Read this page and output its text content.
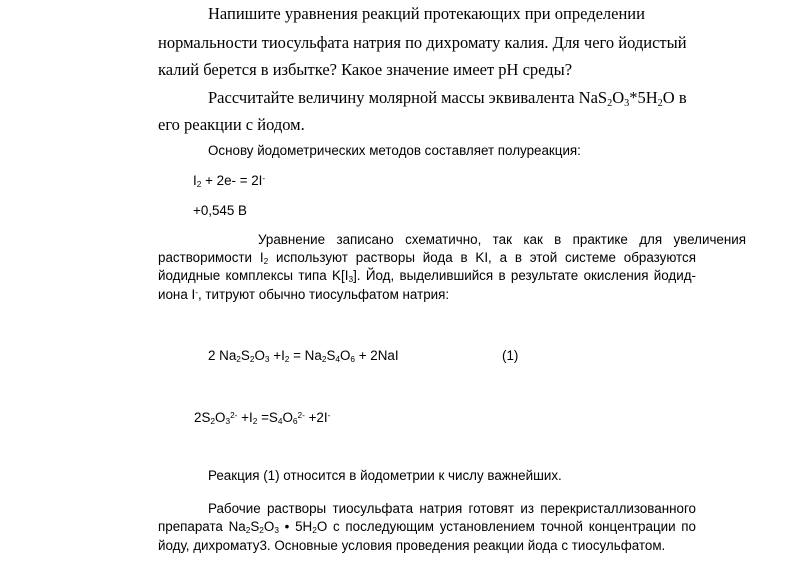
Напишите уравнения реакций протекающих при определении
нормальности тиосульфата натрия по дихромату калия. Для чего йодистый
калий берется в избытке? Какое значение имеет pH среды?
Рассчитайте величину молярной массы эквивалента $NaS_2O_3*5H_2O$ в
его реакции с йодом.
Основу йодометрических методов составляет полуреакция:
$I_2 + 2e- = 2I^-$
+0,545 В
Уравнение записано схематично, так как в практике для увеличения
растворимости $I_2$ используют растворы йода в KI, а в этой системе образуются
йодидные комплексы типа $K[I_3]$. Йод, выделившийся в результате окисления йодид-
иона I-, титруют обычно тиосульфатом натрия:
2 $Na_2S_2O_3 +I_2 = Na_2S_4O_6 + 2NaI$	(1)
$2S_2O_3^{2-} +I_2 =S_4O_6^{2-} +2I^-$
Реакция (1) относится в йодометрии к числу важнейших.
Рабочие растворы тиосульфата натрия готовят из перекристаллизованного
препарата $Na_2S_2O_3$ • $5H_2O$ с последующим установлением точной концентрации по
йоду, дихромату3. Основные условия проведения реакции йода с тиосульфатом.
